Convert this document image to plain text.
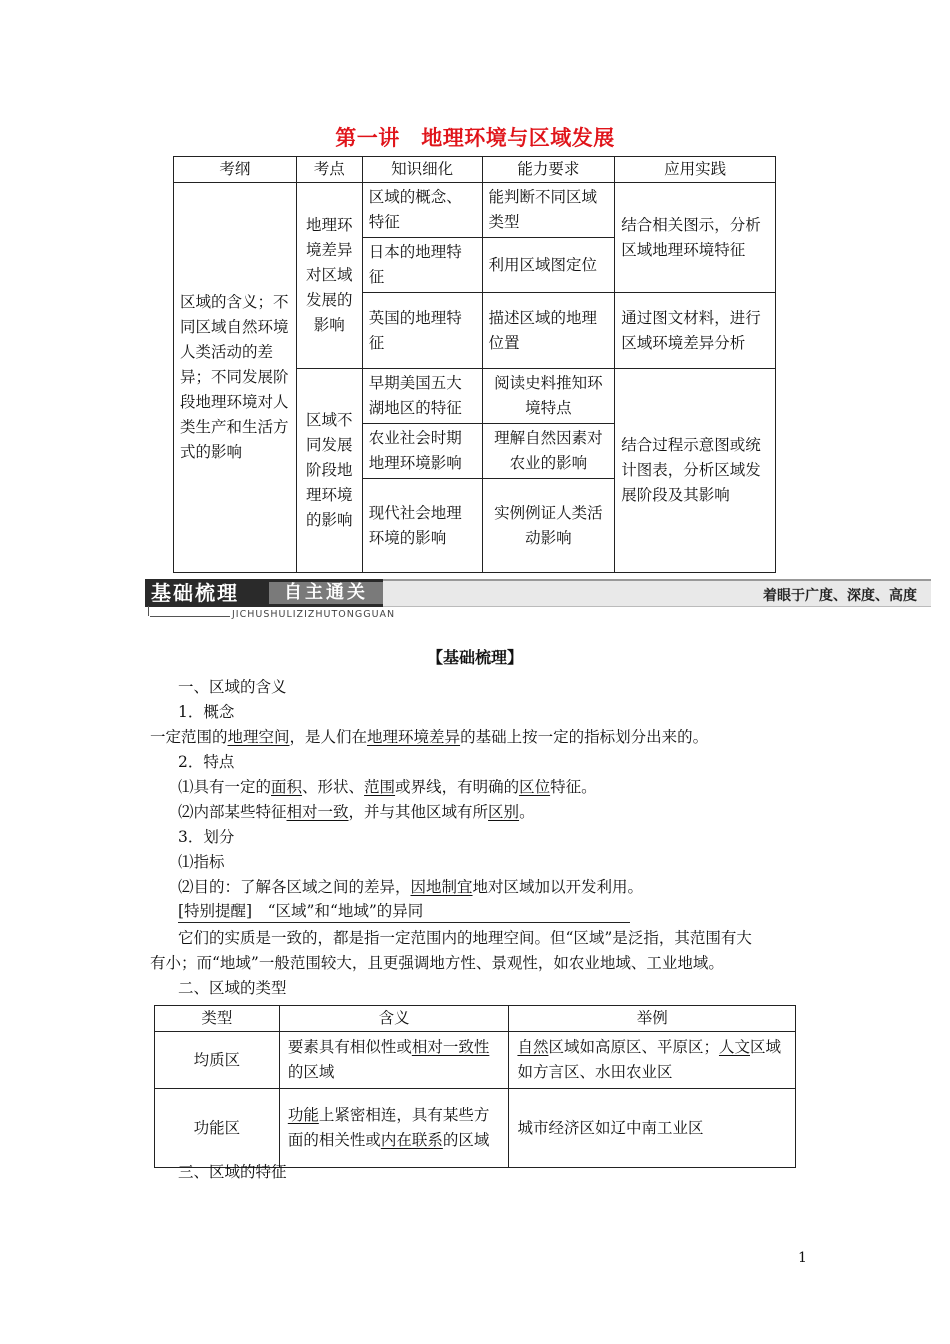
第一讲　地理环境与区域发展
考纲	考点	知识细化	能力要求	应用实践
区域的含义；不同区域自然环境人类活动的差异；不同发展阶段地理环境对人类生产和生活方式的影响	地理环境差异对区域发展的影响	区域的概念、特征	能判断不同区域类型	结合相关图示，分析区域地理环境特征
		日本的地理特征	利用区域图定位	
		英国的地理特征	描述区域的地理位置	通过图文材料，进行区域环境差异分析
	区域不同发展阶段地理环境的影响	早期美国五大湖地区的特征	阅读史料推知环境特点	结合过程示意图或统计图表，分析区域发展阶段及其影响
		农业社会时期地理环境影响	理解自然因素对农业的影响	
		现代社会地理环境的影响	实例例证人类活动影响	
基础梳理	自主通关	着眼于广度、深度、高度
JICHUSHULIZIZHUTONGGUAN
【基础梳理】
一、区域的含义
1．概念
一定范围的地理空间，是人们在地理环境差异的基础上按一定的指标划分出来的。
2．特点
⑴具有一定的面积、形状、范围或界线，有明确的区位特征。
⑵内部某些特征相对一致，并与其他区域有所区别。
3．划分
⑴指标
⑵目的：了解各区域之间的差异，因地制宜地对区域加以开发利用。
[特别提醒]　“区域”和“地域”的异同
它们的实质是一致的，都是指一定范围内的地理空间。但“区域”是泛指，其范围有大
有小；而“地域”一般范围较大，且更强调地方性、景观性，如农业地域、工业地域。
二、区域的类型
类型	含义	举例
均质区	要素具有相似性或相对一致性的区域	自然区域如高原区、平原区；人文区域如方言区、水田农业区
功能区	功能上紧密相连，具有某些方面的相关性或内在联系的区域	城市经济区如辽中南工业区
三、区域的特征
1
